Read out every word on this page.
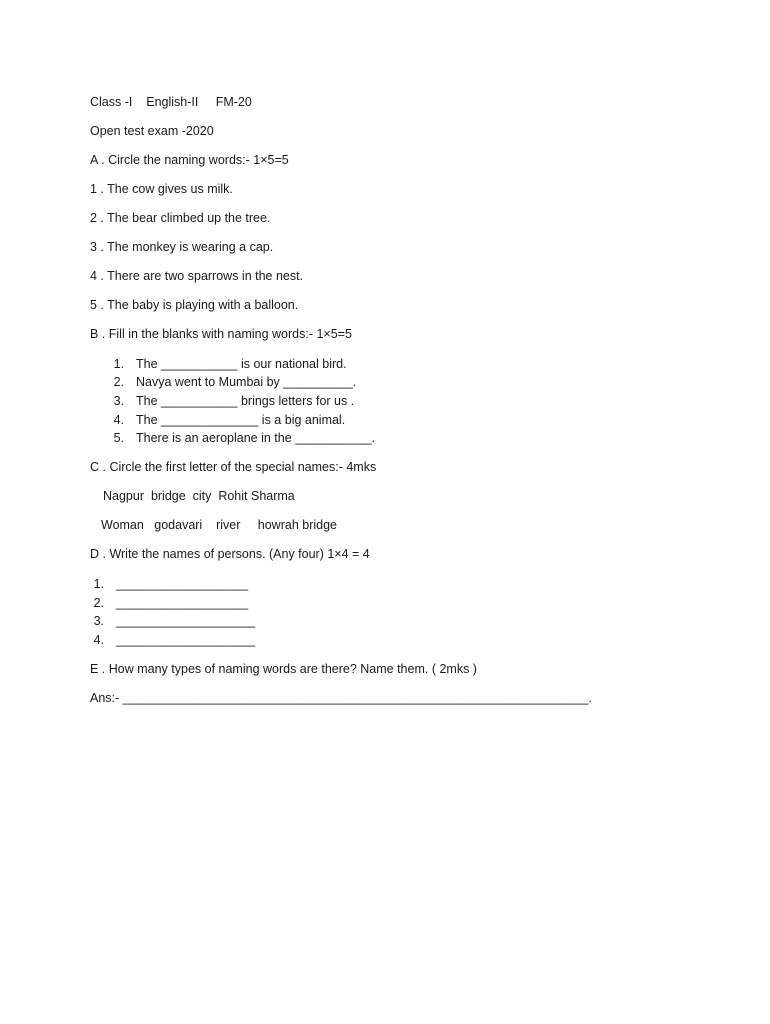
Class -I    English-II     FM-20
Open test exam -2020
A . Circle the naming words:- 1×5=5
1 . The cow gives us milk.
2 . The bear climbed up the tree.
3 . The monkey is wearing a cap.
4 . There are two sparrows in the nest.
5 . The baby is playing with a balloon.
B . Fill in the blanks with naming words:- 1×5=5

1.

The ___________ is our national bird.

2.

Navya went to Mumbai by __________.

3.

The ___________ brings letters for us .

4.

The ______________ is a big animal.

5.

There is an aeroplane in the ___________.

C . Circle the first letter of the special names:- 4mks
Nagpur  bridge  city  Rohit Sharma
Woman   godavari    river     howrah bridge
D . Write the names of persons. (Any four) 1×4 = 4

1.

___________________

2.

___________________

3.

____________________

4.

____________________

E . How many types of naming words are there? Name them. ( 2mks )
Ans:- ___________________________________________________________________.
